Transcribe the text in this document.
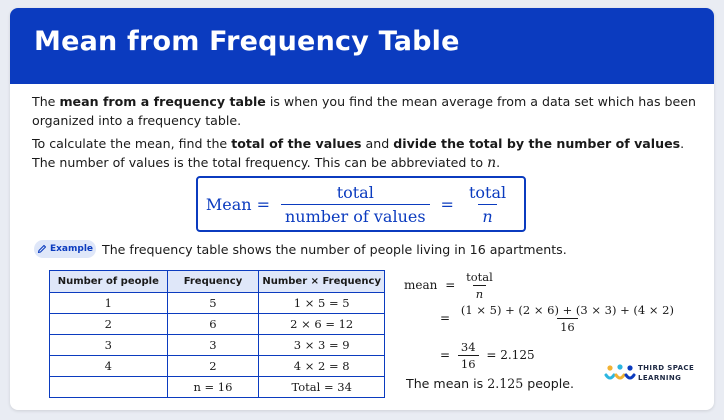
Mean from Frequency Table
The mean from a frequency table is when you find the mean average from a data set which has been organized into a frequency table.
To calculate the mean, find the total of the values and divide the total by the number of values.
The number of values is the total frequency. This can be abbreviated to n.
Mean = $\frac{\text{total}}{\text{number of values}} = \frac{\text{total}}{n}$
Example The frequency table shows the number of people living in 16 apartments.
Number of people	Frequency	Number × Frequency
1	5	1 × 5 = 5
2	6	2 × 6 = 12
3	3	3 × 3 = 9
4	2	4 × 2 = 8
	n = 16	Total = 34
mean = $\frac{\text{total}}{n}$
= $\frac{(1 \times 5) + (2 \times 6) + (3 \times 3) + (4 \times 2)}{16}$
= $\frac{34}{16} = 2.125$
The mean is 2.125 people.
THIRD SPACE
LEARNING
